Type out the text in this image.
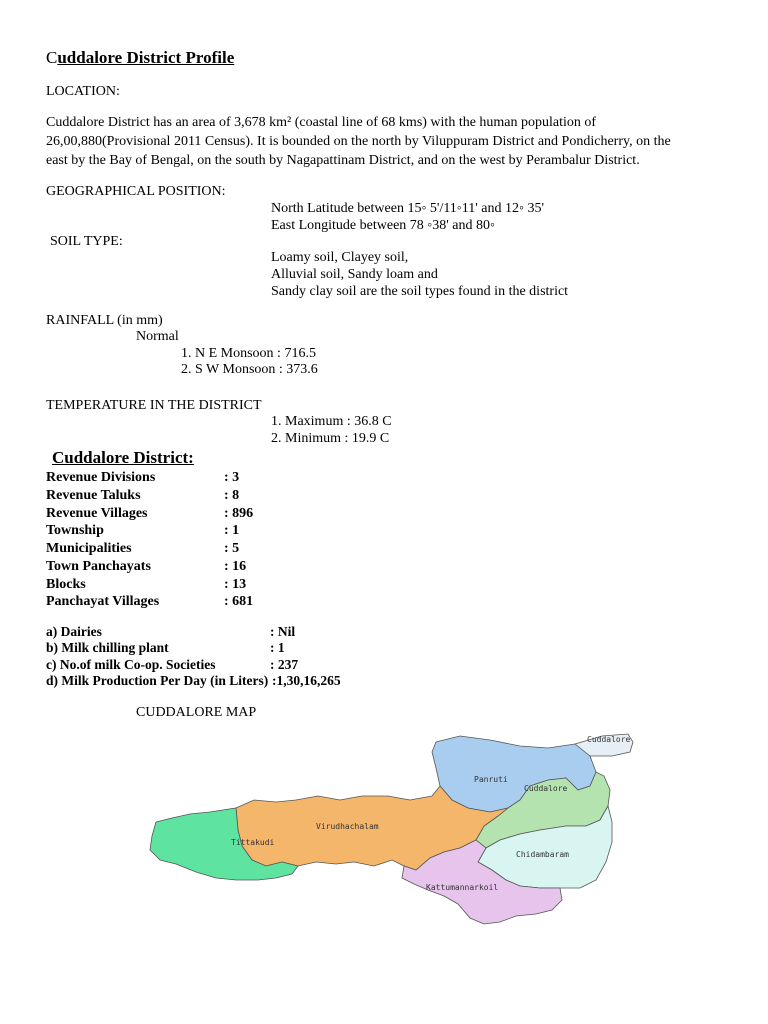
Cuddalore District Profile
LOCATION:
Cuddalore District has an area of 3,678 km² (coastal line of 68 kms) with the human population of
26,00,880(Provisional 2011 Census). It is bounded on the north by Viluppuram District and Pondicherry, on the
east by the Bay of Bengal, on the south by Nagapattinam District, and on the west by Perambalur District.
GEOGRAPHICAL POSITION:
North Latitude between 15◦ 5'/11◦11' and 12◦ 35'
East Longitude between 78 ◦38' and 80◦
SOIL TYPE:
Loamy soil, Clayey soil,
Alluvial soil, Sandy loam and
Sandy clay soil are the soil types found in the district
RAINFALL (in mm)
Normal
1. N E Monsoon : 716.5
2. S W Monsoon : 373.6
TEMPERATURE IN THE DISTRICT
1. Maximum : 36.8 C
2. Minimum : 19.9 C
Cuddalore District:
Revenue Divisions	: 3
Revenue Taluks	: 8
Revenue Villages	: 896
Township	: 1
Municipalities	: 5
Town Panchayats	: 16
Blocks	: 13
Panchayat Villages	: 681
a) Dairies	: Nil
b) Milk chilling plant	: 1
c) No.of milk Co-op. Societies	: 237
d) Milk Production Per Day (in Liters) :1,30,16,265
CUDDALORE MAP
Cuddalore
Panruti
Cuddalore
Virudhachalam
Tittakudi
Chidambaram
Kattumannarkoil
